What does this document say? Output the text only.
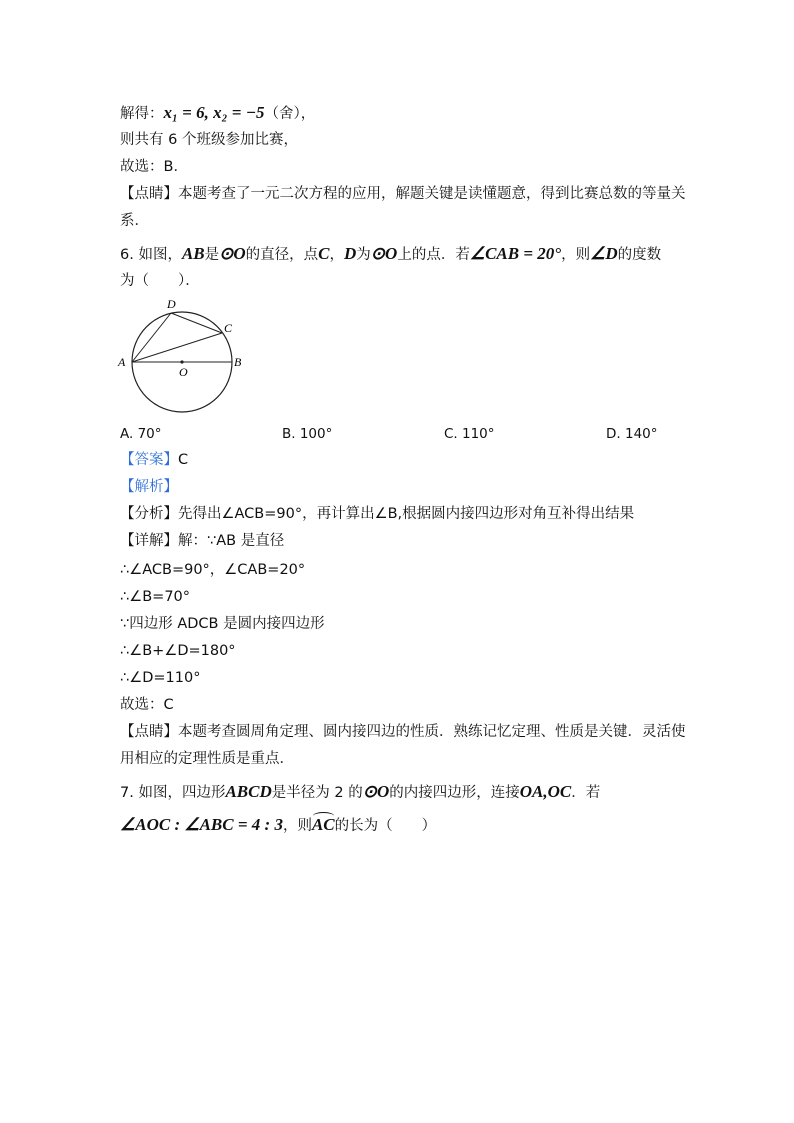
解得：x₁ = 6, x₂ = −5（舍），
则共有 6 个班级参加比赛，
故选：B．
【点睛】本题考查了一元二次方程的应用，解题关键是读懂题意，得到比赛总数的等量关
系．
6. 如图，AB是⊙O的直径，点C，D为⊙O上的点．若∠CAB = 20°，则∠D的度数
为（　　）．
D
C
A
O
B
A. 70°	B. 100°	C. 110°	D. 140°
【答案】C
【解析】
【分析】先得出∠ACB=90°，再计算出∠B,根据圆内接四边形对角互补得出结果
【详解】解：∵AB 是直径
∴∠ACB=90°，∠CAB=20°
∴∠B=70°
∵四边形 ADCB 是圆内接四边形
∴∠B+∠D=180°
∴∠D=110°
故选：C
【点睛】本题考查圆周角定理、圆内接四边的性质．熟练记忆定理、性质是关键．灵活使
用相应的定理性质是重点．
7. 如图，四边形ABCD是半径为 2 的⊙O的内接四边形，连接OA,OC．若
∠AOC : ∠ABC = 4 : 3，则AC的长为（　　）
